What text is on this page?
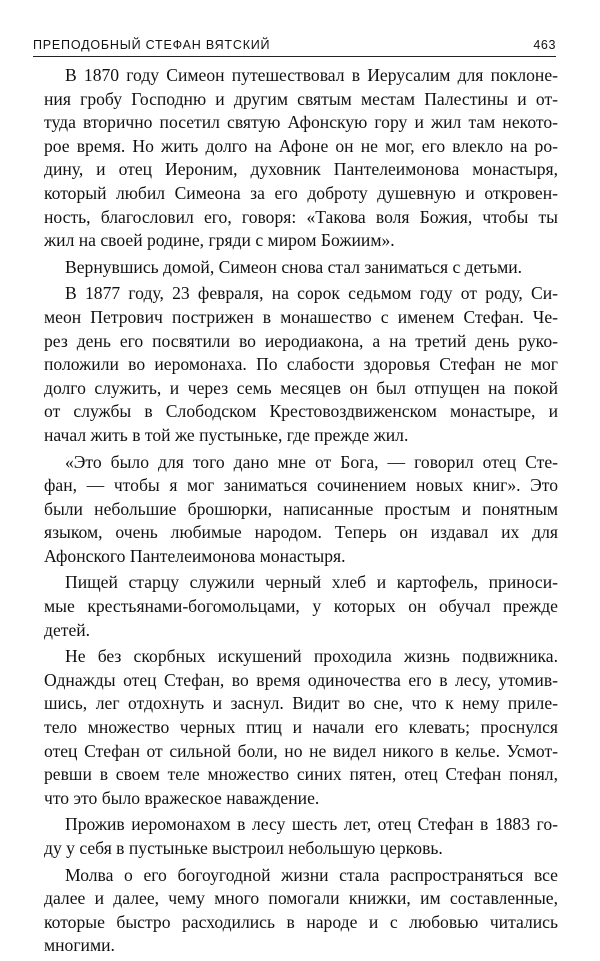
ПРЕПОДОБНЫЙ СТЕФАН ВЯТСКИЙ	463
В 1870 году Симеон путешествовал в Иерусалим для поклоне-
ния гробу Господню и другим святым местам Палестины и от-
туда вторично посетил святую Афонскую гору и жил там некото-
рое время. Но жить долго на Афоне он не мог, его влекло на ро-
дину, и отец Иероним, духовник Пантелеимонова монастыря,
который любил Симеона за его доброту душевную и откровен-
ность, благословил его, говоря: «Такова воля Божия, чтобы ты
жил на своей родине, гряди с миром Божиим».
Вернувшись домой, Симеон снова стал заниматься с детьми.
В 1877 году, 23 февраля, на сорок седьмом году от роду, Си-
меон Петрович пострижен в монашество с именем Стефан. Че-
рез день его посвятили во иеродиакона, а на третий день руко-
положили во иеромонаха. По слабости здоровья Стефан не мог
долго служить, и через семь месяцев он был отпущен на покой
от службы в Слободском Крестовоздвиженском монастыре, и
начал жить в той же пустыньке, где прежде жил.
«Это было для того дано мне от Бога, — говорил отец Сте-
фан, — чтобы я мог заниматься сочинением новых книг». Это
были небольшие брошюрки, написанные простым и понятным
языком, очень любимые народом. Теперь он издавал их для
Афонского Пантелеимонова монастыря.
Пищей старцу служили черный хлеб и картофель, приноси-
мые крестьянами-богомольцами, у которых он обучал прежде
детей.
Не без скорбных искушений проходила жизнь подвижника.
Однажды отец Стефан, во время одиночества его в лесу, утомив-
шись, лег отдохнуть и заснул. Видит во сне, что к нему приле-
тело множество черных птиц и начали его клевать; проснулся
отец Стефан от сильной боли, но не видел никого в келье. Усмот-
ревши в своем теле множество синих пятен, отец Стефан понял,
что это было вражеское наваждение.
Прожив иеромонахом в лесу шесть лет, отец Стефан в 1883 го-
ду у себя в пустыньке выстроил небольшую церковь.
Молва о его богоугодной жизни стала распространяться все
далее и далее, чему много помогали книжки, им составленные,
которые быстро расходились в народе и с любовью читались
многими.
